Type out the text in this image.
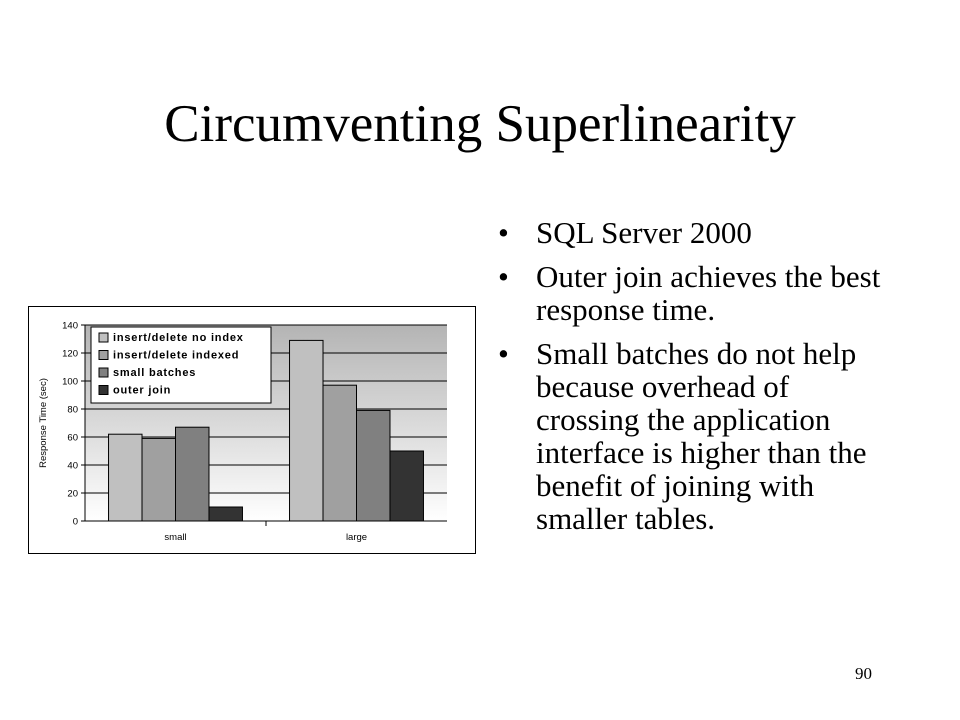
Circumventing Superlinearity
• SQL Server 2000
• Outer join achieves the best response time.
• Small batches do not help because overhead of crossing the application interface is higher than the benefit of joining with smaller tables.
90
0
20
40
60
80
100
120
140
Response Time (sec)
small	large
insert/delete no index
insert/delete indexed
small batches
outer join
